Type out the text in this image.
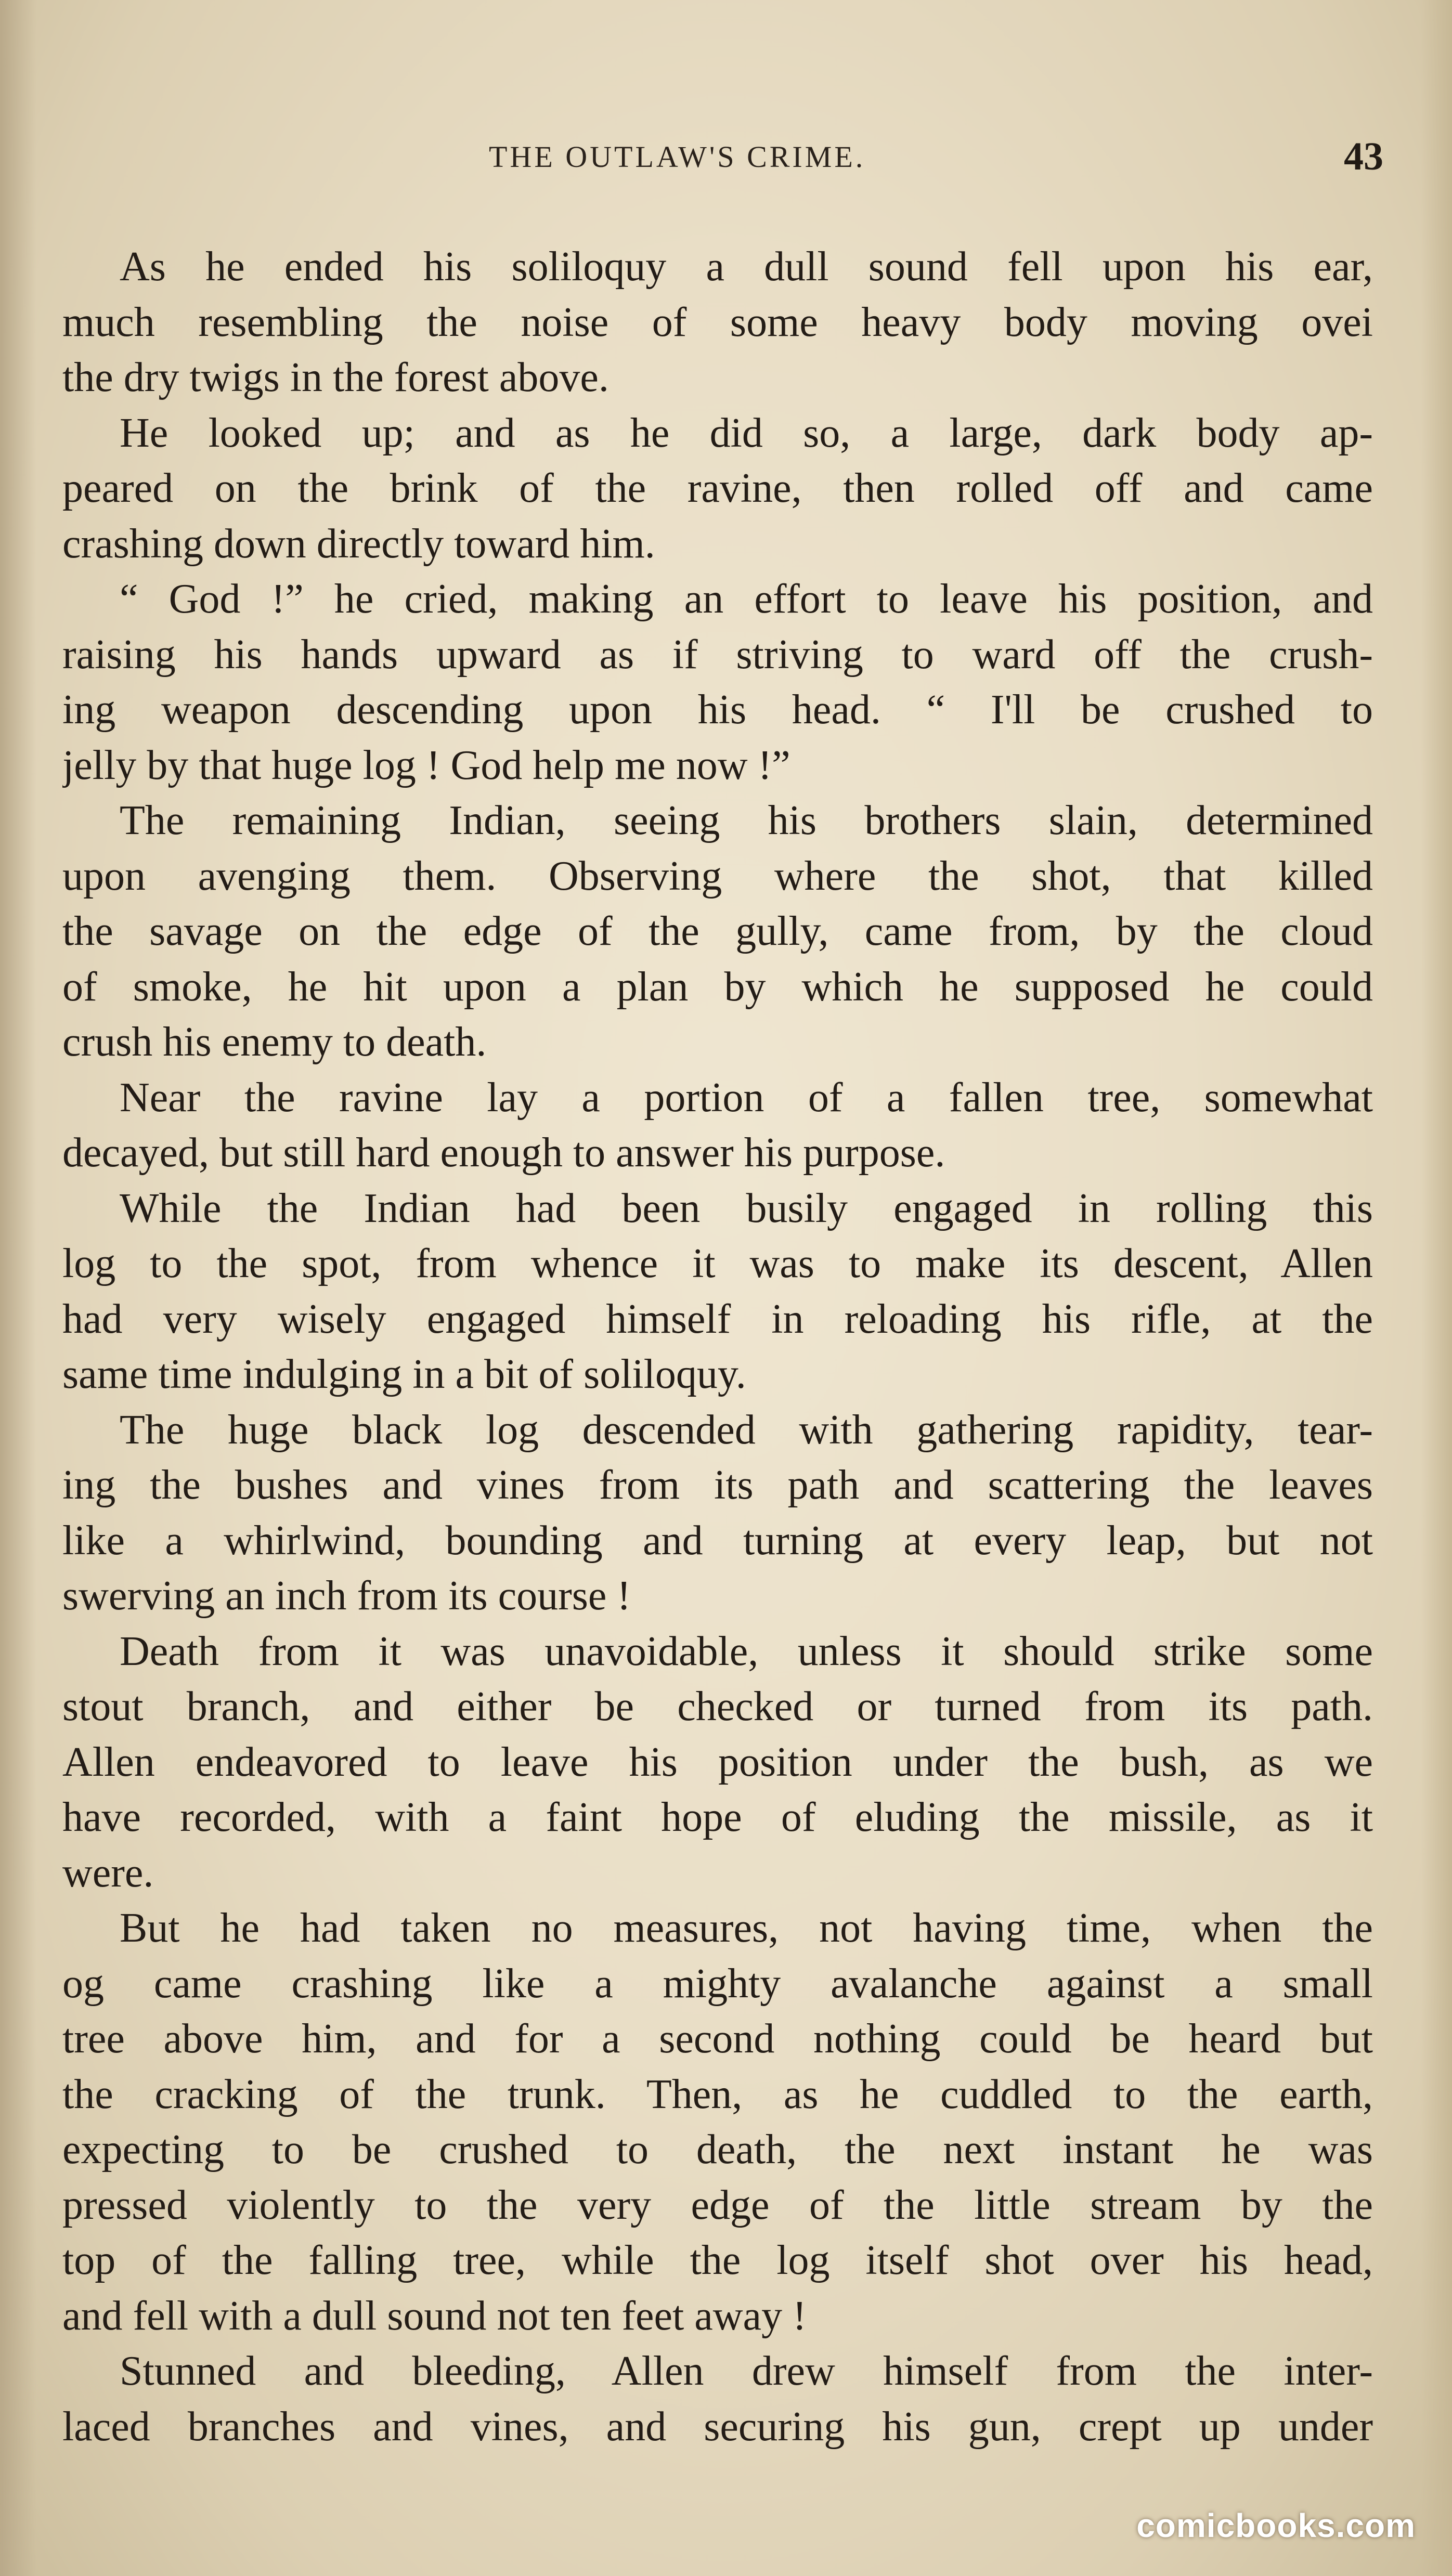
THE OUTLAW'S CRIME.	43
As he ended his soliloquy a dull sound fell upon his ear,
much resembling the noise of some heavy body moving ovei
the dry twigs in the forest above.
He looked up; and as he did so, a large, dark body ap-
peared on the brink of the ravine, then rolled off and came
crashing down directly toward him.
“ God !” he cried, making an effort to leave his position, and
raising his hands upward as if striving to ward off the crush-
ing weapon descending upon his head. “ I'll be crushed to
jelly by that huge log ! God help me now !”
The remaining Indian, seeing his brothers slain, determined
upon avenging them. Observing where the shot, that killed
the savage on the edge of the gully, came from, by the cloud
of smoke, he hit upon a plan by which he supposed he could
crush his enemy to death.
Near the ravine lay a portion of a fallen tree, somewhat
decayed, but still hard enough to answer his purpose.
While the Indian had been busily engaged in rolling this
log to the spot, from whence it was to make its descent, Allen
had very wisely engaged himself in reloading his rifle, at the
same time indulging in a bit of soliloquy.
The huge black log descended with gathering rapidity, tear-
ing the bushes and vines from its path and scattering the leaves
like a whirlwind, bounding and turning at every leap, but not
swerving an inch from its course !
Death from it was unavoidable, unless it should strike some
stout branch, and either be checked or turned from its path.
Allen endeavored to leave his position under the bush, as we
have recorded, with a faint hope of eluding the missile, as it
were.
But he had taken no measures, not having time, when the
og came crashing like a mighty avalanche against a small
tree above him, and for a second nothing could be heard but
the cracking of the trunk. Then, as he cuddled to the earth,
expecting to be crushed to death, the next instant he was
pressed violently to the very edge of the little stream by the
top of the falling tree, while the log itself shot over his head,
and fell with a dull sound not ten feet away !
Stunned and bleeding, Allen drew himself from the inter-
laced branches and vines, and securing his gun, crept up under
comicbooks.com
